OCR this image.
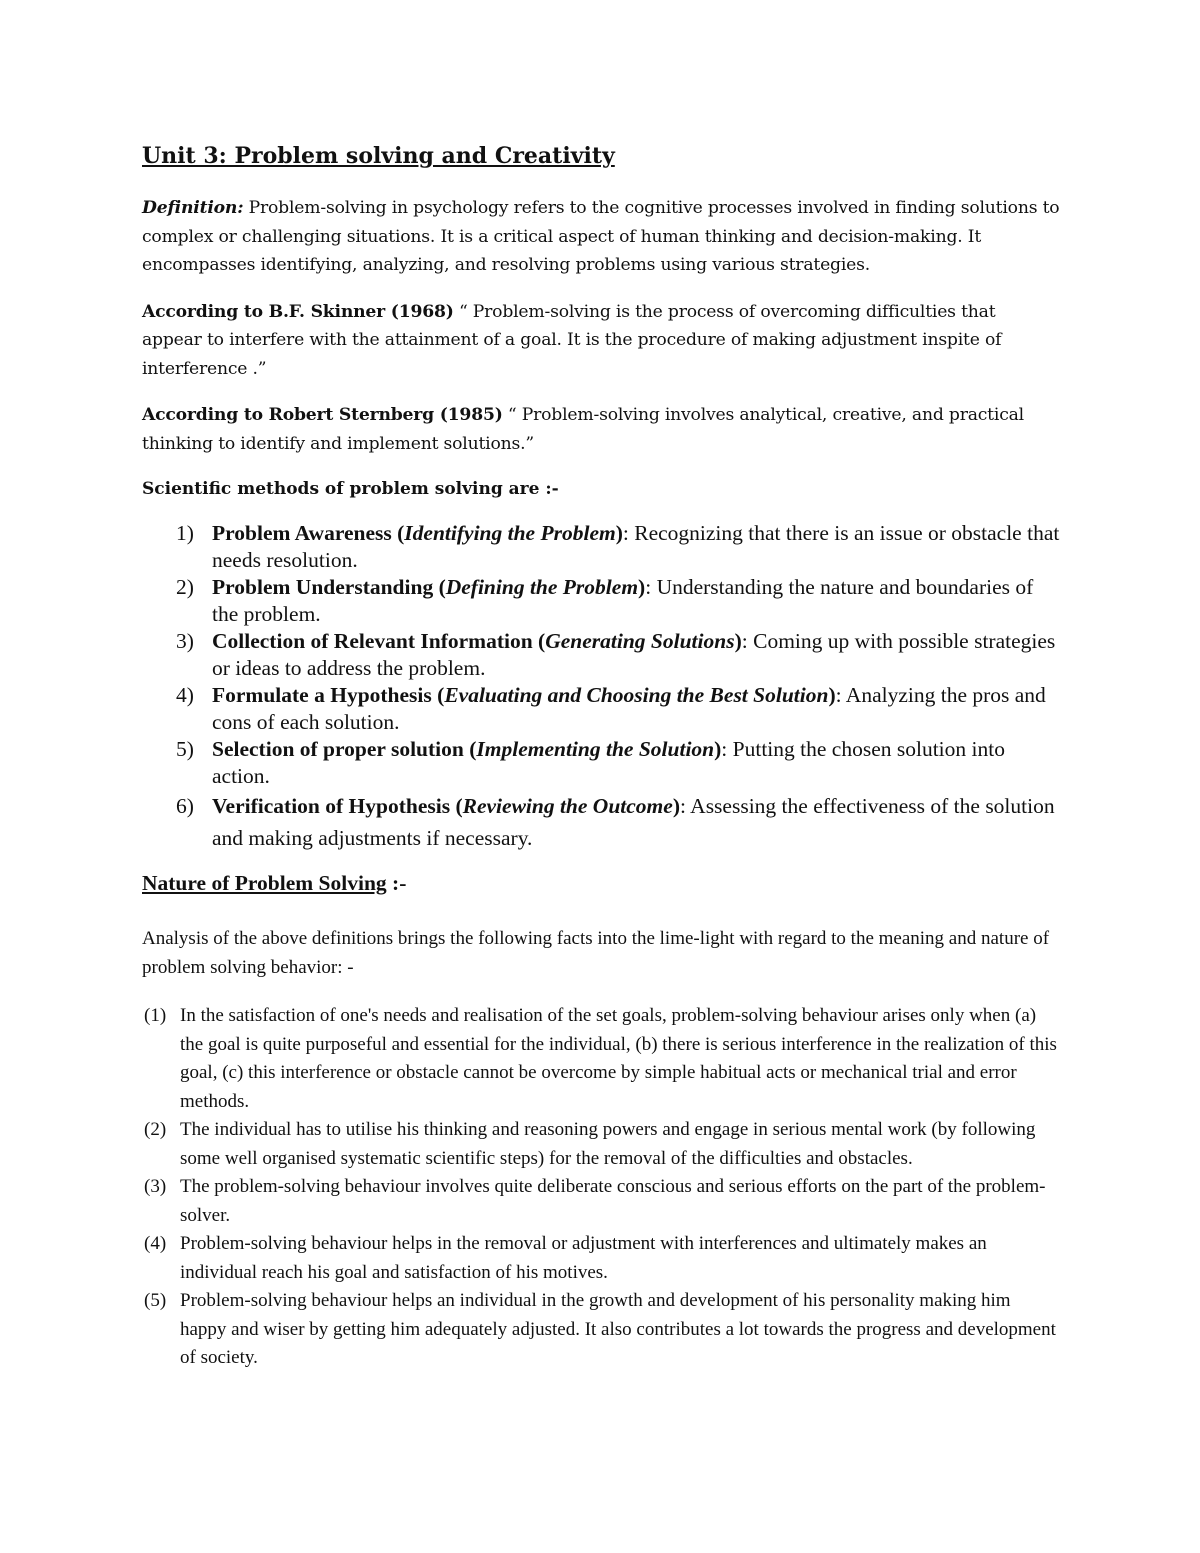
Unit 3: Problem solving and Creativity

Definition: Problem-solving in psychology refers to the cognitive processes involved in finding solutions to complex or challenging situations. It is a critical aspect of human thinking and decision-making. It encompasses identifying, analyzing, and resolving problems using various strategies.

According to B.F. Skinner (1968) “ Problem-solving is the process of overcoming difficulties that appear to interfere with the attainment of a goal. It is the procedure of making adjustment inspite of interference .”

According to Robert Sternberg (1985) “ Problem-solving involves analytical, creative, and practical thinking to identify and implement solutions.”

Scientific methods of problem solving are :-
1) Problem Awareness (Identifying the Problem): Recognizing that there is an issue or obstacle that needs resolution.
2) Problem Understanding (Defining the Problem): Understanding the nature and boundaries of the problem.
3) Collection of Relevant Information (Generating Solutions): Coming up with possible strategies or ideas to address the problem.
4) Formulate a Hypothesis (Evaluating and Choosing the Best Solution): Analyzing the pros and cons of each solution.
5) Selection of proper solution (Implementing the Solution): Putting the chosen solution into action.
6) Verification of Hypothesis (Reviewing the Outcome): Assessing the effectiveness of the solution and making adjustments if necessary.
Nature of Problem Solving :-

Analysis of the above definitions brings the following facts into the lime-light with regard to the meaning and nature of problem solving behavior: -

(1) In the satisfaction of one's needs and realisation of the set goals, problem-solving behaviour arises only when (a) the goal is quite purposeful and essential for the individual, (b) there is serious interference in the realization of this goal, (c) this interference or obstacle cannot be overcome by simple habitual acts or mechanical trial and error methods.
(2) The individual has to utilise his thinking and reasoning powers and engage in serious mental work (by following some well organised systematic scientific steps) for the removal of the difficulties and obstacles.
(3) The problem-solving behaviour involves quite deliberate conscious and serious efforts on the part of the problem-solver.
(4) Problem-solving behaviour helps in the removal or adjustment with interferences and ultimately makes an individual reach his goal and satisfaction of his motives.
(5) Problem-solving behaviour helps an individual in the growth and development of his personality making him happy and wiser by getting him adequately adjusted. It also contributes a lot towards the progress and development of society.
